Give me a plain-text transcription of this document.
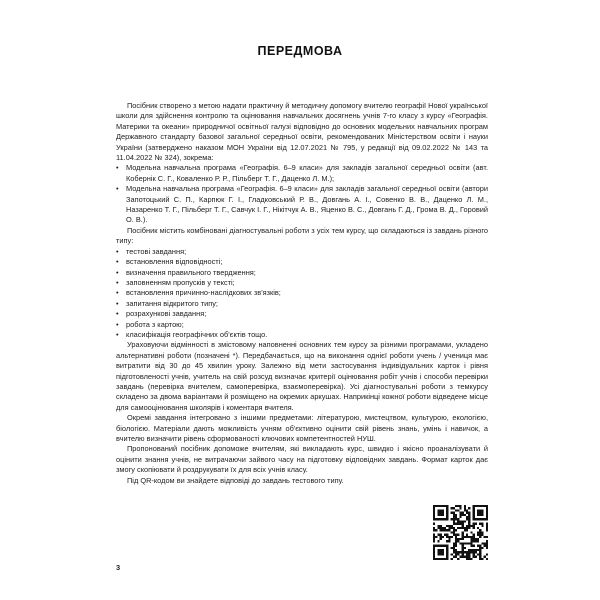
ПЕРЕДМОВА

Посібник створено з метою надати практичну й методичну допомогу вчителю географії Нової української школи для здійснення контролю та оцінювання навчальних досягнень учнів 7-го класу з курсу «Географія. Материки та океани» природничої освітньої галузі відповідно до основних модельних навчальних програм Державного стандарту базової загальної середньої освіти, рекомендованих Міністерством освіти і науки України (затверджено наказом МОН України від 12.07.2021 № 795, у редакції від 09.02.2022 № 143 та 11.04.2022 № 324), зокрема:

• Модельна навчальна програма «Географія. 6–9 класи» для закладів загальної середньої освіти (авт. Кобернік С. Г., Коваленко Р. Р., Пільберг Т. Г., Даценко Л. М.);
• Модельна навчальна програма «Географія. 6–9 класи» для закладів загальної середньої освіти (автори Запотоцький С. П., Карпюк Г. І., Гладковський Р. В., Довгань А. І., Совенко В. В., Даценко Л. М., Назаренко Т. Г., Пільберг Т. Г., Савчук І. Г., Нікітчук А. В., Яценко В. С., Довгань Г. Д., Грома В. Д., Горовий О. В.).

Посібник містить комбіновані діагностувальні роботи з усіх тем курсу, що складаються із завдань різного типу:

• тестові завдання;
• встановлення відповідності;
• визначення правильного твердження;
• заповненням пропусків у тексті;
• встановлення причинно-наслідкових зв'язків;
• запитання відкритого типу;
• розрахункові завдання;
• робота з картою;
• класифікація географічних об'єктів тощо.

Ураховуючи відмінності в змістовому наповненні основних тем курсу за різними програмами, укладено альтернативні роботи (позначені *). Передбачається, що на виконання однієї роботи учень / учениця має витратити від 30 до 45 хвилин уроку. Залежно від мети застосування індивідуальних карток і рівня підготовленості учнів, учитель на свій розсуд визначає критерії оцінювання робіт учнів і способи перевірки завдань (перевірка вчителем, самоперевірка, взаємоперевірка). Усі діагностувальні роботи з темкурсу складено за двома варіантами й розміщено на окремих аркушах. Наприкінці кожної роботи відведене місце для самооцінювання школярів і коментаря вчителя.

Окремі завдання інтегровано з іншими предметами: літературою, мистецтвом, культурою, екологією, біологією. Матеріали дають можливість учням об'єктивно оцінити свій рівень знань, умінь і навичок, а вчителю визначити рівень сформованості ключових компетентностей НУШ.

Пропонований посібник допоможе вчителям, які викладають курс, швидко і якісно проаналізувати й оцінити знання учнів, не витрачаючи зайвого часу на підготовку відповідних завдань. Формат карток дає змогу скопіювати й роздрукувати їх для всіх учнів класу.

Під QR-кодом ви знайдете відповіді до завдань тестового типу.

3
